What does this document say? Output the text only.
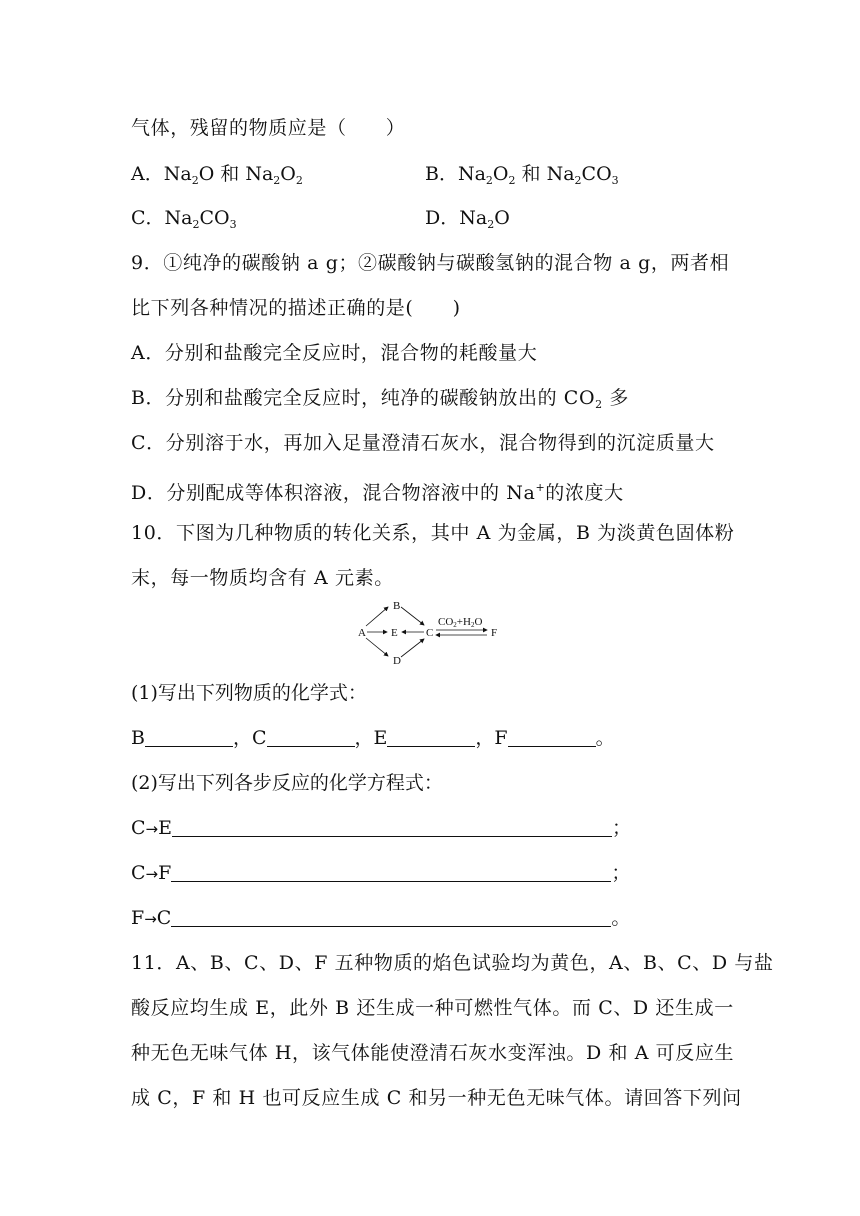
气体，残留的物质应是（　　）
A．$Na_2O$ 和 $Na_2O_2$	B．$Na_2O_2$ 和 $Na_2CO_3$
C．$Na_2CO_3$	D．$Na_2O$
9．①纯净的碳酸钠 a g；②碳酸钠与碳酸氢钠的混合物 a g，两者相
比下列各种情况的描述正确的是(　　)
A．分别和盐酸完全反应时，混合物的耗酸量大
B．分别和盐酸完全反应时，纯净的碳酸钠放出的 $CO_2$ 多
C．分别溶于水，再加入足量澄清石灰水，混合物得到的沉淀质量大
D．分别配成等体积溶液，混合物溶液中的 Na+的浓度大
10．下图为几种物质的转化关系，其中 A 为金属，B 为淡黄色固体粉
末，每一物质均含有 A 元素。
A
B
E
D
C	F
CO2+H2O
(1)写出下列物质的化学式：
B	，C	，E	，F	。
(2)写出下列各步反应的化学方程式：
C→E	；
C→F	；
F→C	。
11．A、B、C、D、F 五种物质的焰色试验均为黄色，A、B、C、D 与盐
酸反应均生成 E，此外 B 还生成一种可燃性气体。而 C、D 还生成一
种无色无味气体 H，该气体能使澄清石灰水变浑浊。D 和 A 可反应生
成 C，F 和 H 也可反应生成 C 和另一种无色无味气体。请回答下列问
